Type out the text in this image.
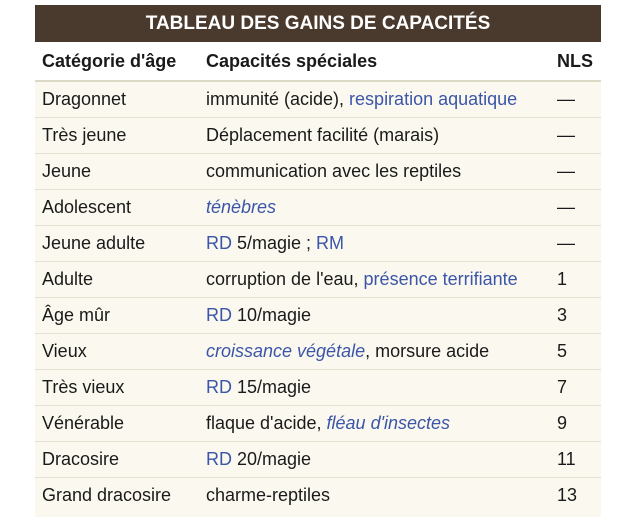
TABLEAU DES GAINS DE CAPACITÉS
Catégorie d'âge	Capacités spéciales	NLS
Dragonnet	immunité (acide), respiration aquatique	—
Très jeune	Déplacement facilité (marais)	—
Jeune	communication avec les reptiles	—
Adolescent	ténèbres	—
Jeune adulte	RD 5/magie ; RM	—
Adulte	corruption de l'eau, présence terrifiante	1
Âge mûr	RD 10/magie	3
Vieux	croissance végétale, morsure acide	5
Très vieux	RD 15/magie	7
Vénérable	flaque d'acide, fléau d'insectes	9
Dracosire	RD 20/magie	11
Grand dracosire	charme-reptiles	13
